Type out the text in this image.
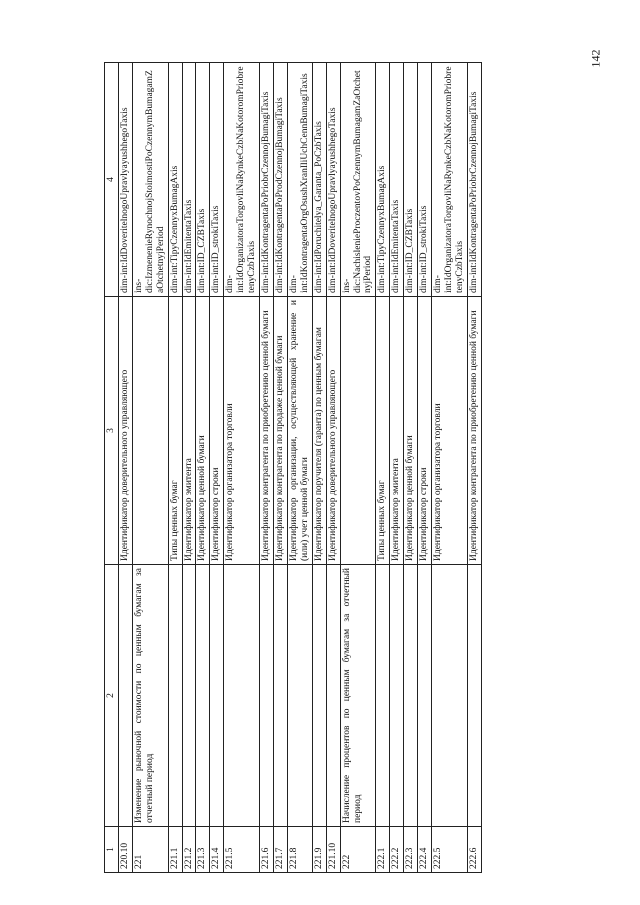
142
1	2	3	4
220.10		Идентификатор доверительного управляющего	dim-int:IdDoveritelnogoUpravlyayushhegoTaxis
221	Изменение рыночной стоимости по ценным бумагам за отчетный период		ins-dic:IzmenenieRynochnojStoimostiPoCzennymBumagamZaOtchetnyjPeriod
221.1		Типы ценных бумаг	dim-int:TipyCzennyxBumagAxis
221.2		Идентификатор эмитента	dim-int:IdEmitentaTaxis
221.3		Идентификатор ценной бумаги	dim-int:ID_CZBTaxis
221.4		Идентификатор строки	dim-int:ID_strokiTaxis
221.5		Идентификатор организатора торговли	dim-int:IdOrganizatoraTorgovliNaRynkeCzbNaKotoromPriobretenyCzbTaxis
221.6		Идентификатор контрагента по приобретению ценной бумаги	dim-int:IdKontragentaPoPriobrCzennojBumagiTaxis
221.7		Идентификатор контрагента по продаже ценной бумаги	dim-int:IdKontragentaPoProdCzennojBumagiTaxis
221.8		Идентификатор организации, осуществляющей хранение и (или) учет ценной бумаги	dim-int:IdKontragentaOrgOsushXranIliUchCennBumagiTaxis
221.9		Идентификатор поручителя (гаранта) по ценным бумагам	dim-int:IdPoruchitelya_Garanta_PoCzbTaxis
221.10		Идентификатор доверительного управляющего	dim-int:IdDoveritelnogoUpravlyayushhegoTaxis
222	Начисление процентов по ценным бумагам за отчетный период		ins-dic:NachislenieProczentovPoCzennymBumagamZaOtchetnyjPeriod
222.1		Типы ценных бумаг	dim-int:TipyCzennyxBumagAxis
222.2		Идентификатор эмитента	dim-int:IdEmitentaTaxis
222.3		Идентификатор ценной бумаги	dim-int:ID_CZBTaxis
222.4		Идентификатор строки	dim-int:ID_strokiTaxis
222.5		Идентификатор организатора торговли	dim-int:IdOrganizatoraTorgovliNaRynkeCzbNaKotoromPriobretenyCzbTaxis
222.6		Идентификатор контрагента по приобретению ценной бумаги	dim-int:IdKontragentaPoPriobrCzennojBumagiTaxis
